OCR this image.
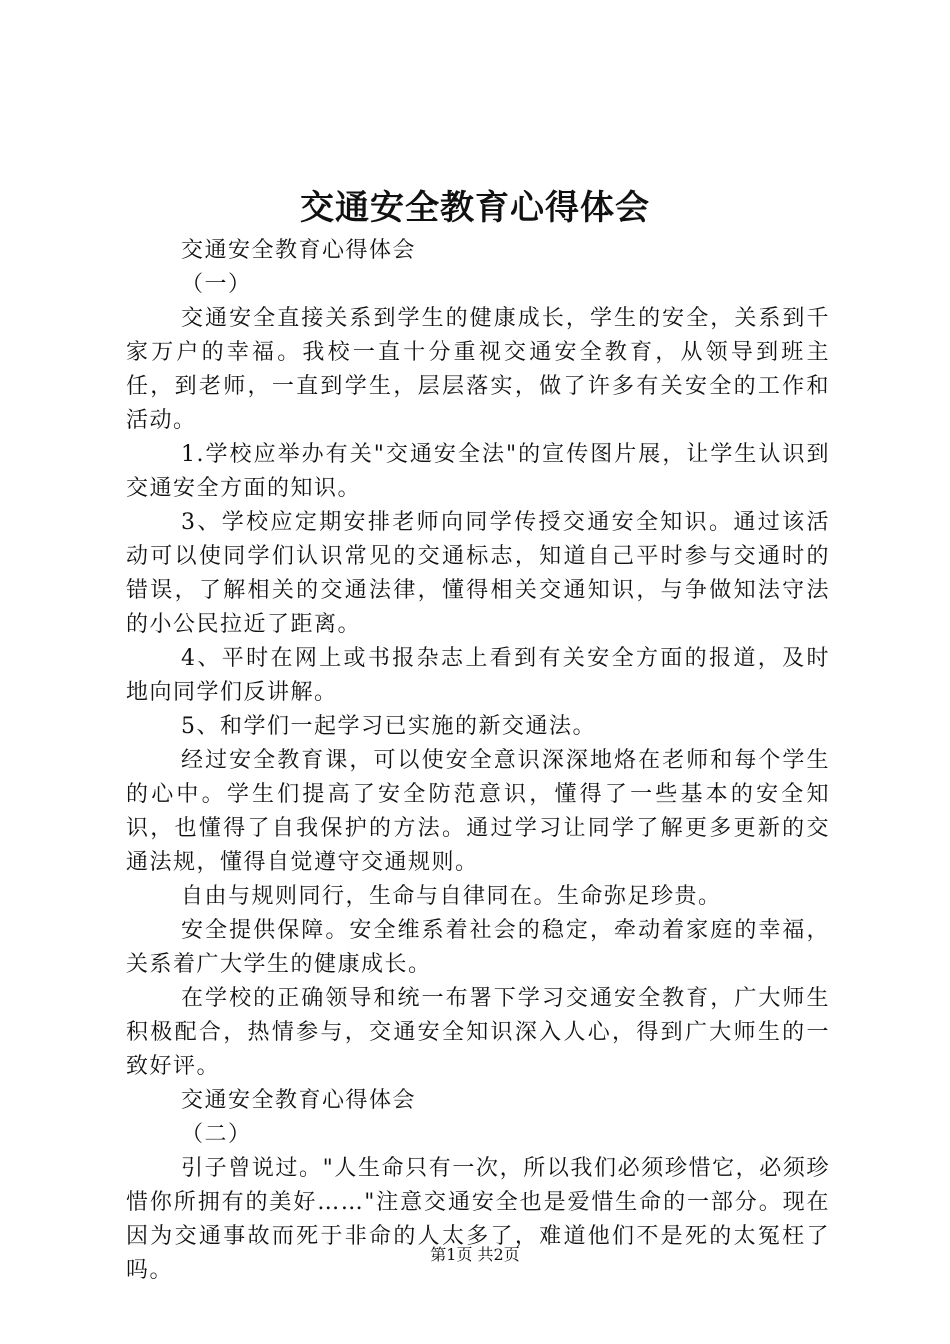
交通安全教育心得体会

交通安全教育心得体会

（一）

交通安全直接关系到学生的健康成长，学生的安全，关系到千家万户的幸福。我校一直十分重视交通安全教育，从领导到班主任，到老师，一直到学生，层层落实，做了许多有关安全的工作和活动。

1.学校应举办有关"交通安全法"的宣传图片展，让学生认识到交通安全方面的知识。

3、学校应定期安排老师向同学传授交通安全知识。通过该活动可以使同学们认识常见的交通标志，知道自己平时参与交通时的错误，了解相关的交通法律，懂得相关交通知识，与争做知法守法的小公民拉近了距离。

4、平时在网上或书报杂志上看到有关安全方面的报道，及时地向同学们反讲解。

5、和学们一起学习已实施的新交通法。

经过安全教育课，可以使安全意识深深地烙在老师和每个学生的心中。学生们提高了安全防范意识，懂得了一些基本的安全知识，也懂得了自我保护的方法。通过学习让同学了解更多更新的交通法规，懂得自觉遵守交通规则。

自由与规则同行，生命与自律同在。生命弥足珍贵。

安全提供保障。安全维系着社会的稳定，牵动着家庭的幸福，关系着广大学生的健康成长。

在学校的正确领导和统一布署下学习交通安全教育，广大师生积极配合，热情参与，交通安全知识深入人心，得到广大师生的一致好评。

交通安全教育心得体会

（二）

引子曾说过。"人生命只有一次，所以我们必须珍惜它，必须珍惜你所拥有的美好……"注意交通安全也是爱惜生命的一部分。现在因为交通事故而死于非命的人太多了，难道他们不是死的太冤枉了吗。

第1页 共2页
